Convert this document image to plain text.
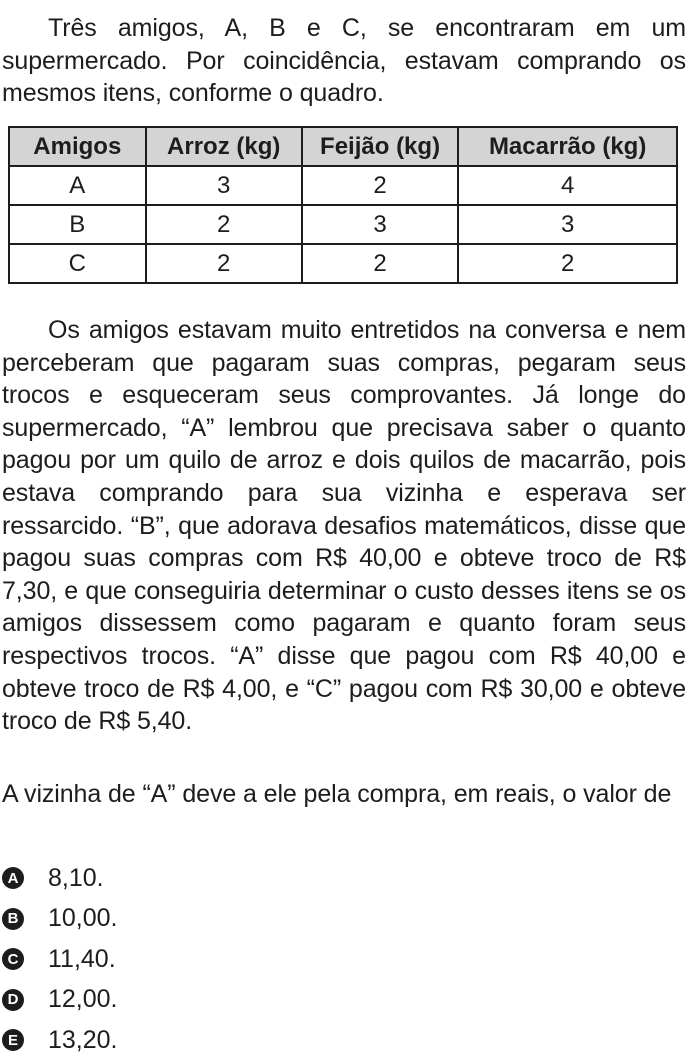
Três amigos, A, B e C, se encontraram em um supermercado. Por coincidência, estavam comprando os mesmos itens, conforme o quadro.

Amigos	Arroz (kg)	Feijão (kg)	Macarrão (kg)
A	3	2	4
B	2	3	3
C	2	2	2

Os amigos estavam muito entretidos na conversa e nem perceberam que pagaram suas compras, pegaram seus trocos e esqueceram seus comprovantes. Já longe do supermercado, “A” lembrou que precisava saber o quanto pagou por um quilo de arroz e dois quilos de macarrão, pois estava comprando para sua vizinha e esperava ser ressarcido. “B”, que adorava desafios matemáticos, disse que pagou suas compras com R$ 40,00 e obteve troco de R$ 7,30, e que conseguiria determinar o custo desses itens se os amigos dissessem como pagaram e quanto foram seus respectivos trocos. “A” disse que pagou com R$ 40,00 e obteve troco de R$ 4,00, e “C” pagou com R$ 30,00 e obteve troco de R$ 5,40.

A vizinha de “A” deve a ele pela compra, em reais, o valor de

A 8,10.
B 10,00.
C 11,40.
D 12,00.
E 13,20.
